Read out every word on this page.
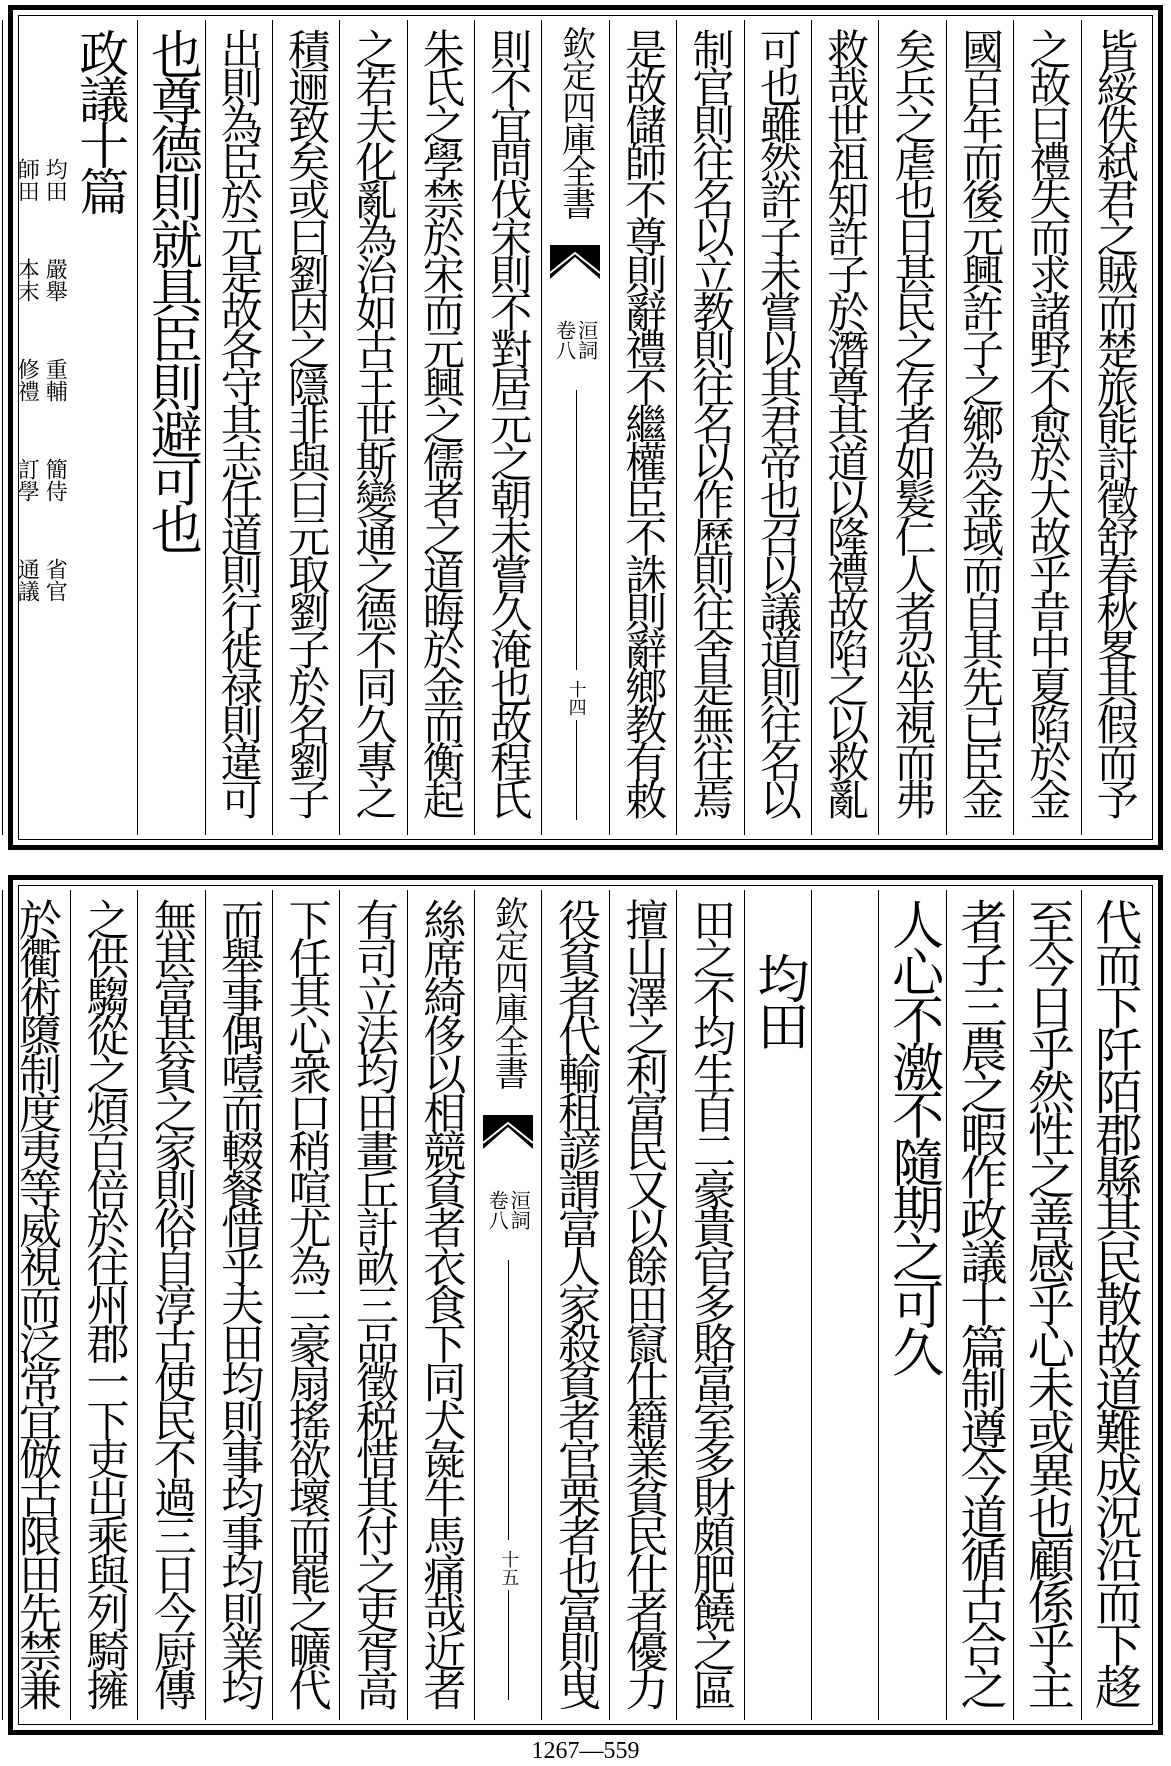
皆綏佚弑君之賊而楚旅能討徵舒春秋畧其假而予
之故曰禮失而求諸野不愈於大故乎昔中夏陷於金
國百年而後元興許子之鄉為金域而自其先已臣金
矣兵之虐也日甚民之存者如髮仁人者忍坐視而弗
救哉世祖知許子於潛尊其道以隆禮故陷之以救亂
可也雖然許子未嘗以其君帝也召以議道則往名以
制官則往名以立教則往名以作歷則往舍是無往焉
是故儲師不尊則辭禮不繼權臣不誅則辭鄉教有敕
欽定四庫全書
洹詞
卷八
十四
則不宜問伐宋則不對居元之朝未嘗久淹也故程氏
朱氏之學禁於宋而元興之儒者之道晦於金而衡起
之若夫化亂為治如古王世斯變通之德不同久專之
積逦致矣或曰劉因之隱非與曰元取劉子於名劉子
出則為臣於元是故各守其志任道則行徙禄則違可
也尊德則就具臣則避可也
政議十篇
均田
師田
嚴舉
本末
重輔
修禮
簡侍
訂學
省官
通議
代而下阡陌郡縣其民散故道難成況沿而下趍
至今日乎然性之善感乎心未或異也顧係乎主
者子三農之暇作政議十篇制遵今道循古合之
人心不激不隨期之可久
均田
田之不均生自二豪貴官多賂富室多財頗肥饒之區
擅山澤之利富民又以餘田竄仕籍業貧民仕者優力
役貧者代輸租諺謂富人家殺貧者官栗者也富則曳
欽定四庫全書
洹詞
卷八
十五
絲席綺侈以相競貧者衣食下同犬彘牛馬痛哉近者
有司立法均田畫丘計畝三品徵税惜其付之吏胥高
下任其心衆口稍喧尤為二豪扇搖欲壞而罷之曠代
而舉事偶噎而輟餐惜乎夫田均則事均事均則業均
無甚富甚貧之家則俗自淳古使民不過三日今厨傳
之供騶從之煩百倍於往州郡一下吏出乘與列騎擁
於衢術隳制度夷等威視而泛常宜倣古限田先禁兼
1267—559
